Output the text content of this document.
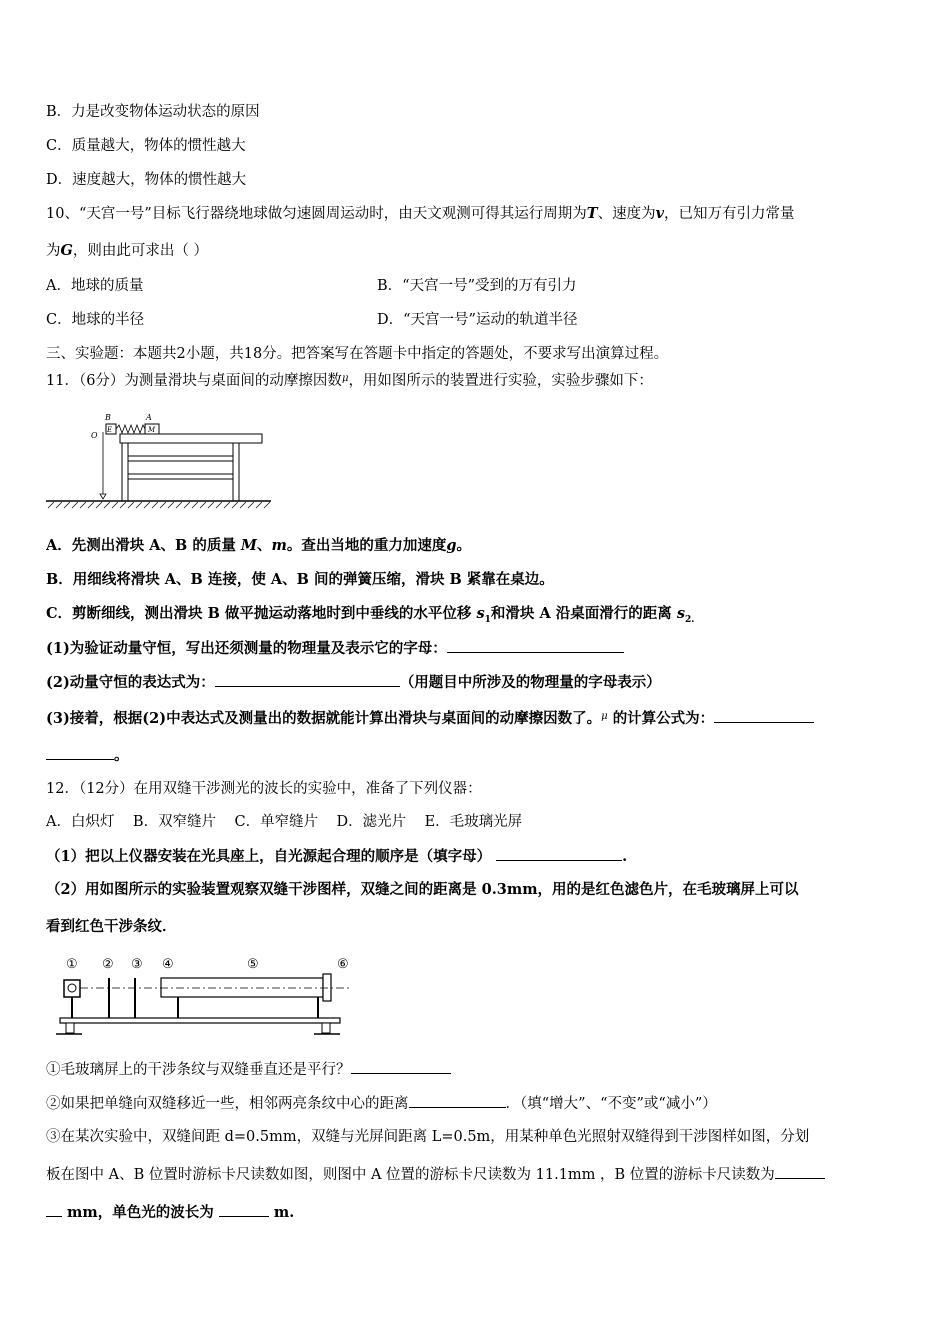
B．力是改变物体运动状态的原因
C．质量越大，物体的惯性越大
D．速度越大，物体的惯性越大
10、“天宫一号”目标飞行器绕地球做匀速圆周运动时，由天文观测可得其运行周期为T、速度为v，已知万有引力常量
为G，则由此可求出（ ）
A．地球的质量	B．“天宫一号”受到的万有引力
C．地球的半径	D．“天宫一号”运动的轨道半径
三、实验题：本题共2小题，共18分。把答案写在答题卡中指定的答题处，不要求写出演算过程。
11．（6分）为测量滑块与桌面间的动摩擦因数$^\mu$，用如图所示的装置进行实验，实验步骤如下：
B	A
O
E	M
A．先测出滑块 A、B 的质量 M、m。查出当地的重力加速度g。
B．用细线将滑块 A、B 连接，使 A、B 间的弹簧压缩，滑块 B 紧靠在桌边。
C．剪断细线，测出滑块 B 做平抛运动落地时到中垂线的水平位移 $s_1$和滑块 A 沿桌面滑行的距离 $s_{2.}$
(1)为验证动量守恒，写出还须测量的物理量及表示它的字母：
(2)动量守恒的表达式为：	（用题目中所涉及的物理量的字母表示）
(3)接着，根据(2)中表达式及测量出的数据就能计算出滑块与桌面间的动摩擦因数了。$^\mu$ 的计算公式为：
。
12．（12分）在用双缝干涉测光的波长的实验中，准备了下列仪器：
A．白炽灯    B．双窄缝片    C．单窄缝片    D．滤光片    E．毛玻璃光屏
（1）把以上仪器安装在光具座上，自光源起合理的顺序是（填字母）	.
（2）用如图所示的实验装置观察双缝干涉图样，双缝之间的距离是 0.3mm，用的是红色滤色片，在毛玻璃屏上可以
看到红色干涉条纹．
① ② ③ ④	⑤	⑥
①毛玻璃屏上的干涉条纹与双缝垂直还是平行？
②如果把单缝向双缝移近一些，相邻两亮条纹中心的距离	．（填“增大”、“不变”或“减小”）
③在某次实验中，双缝间距 d=0.5mm，双缝与光屏间距离 L=0.5m，用某种单色光照射双缝得到干涉图样如图，分划
板在图中 A、B 位置时游标卡尺读数如图，则图中 A 位置的游标卡尺读数为 11.1mm ，B 位置的游标卡尺读数为
mm，单色光的波长为	m.
